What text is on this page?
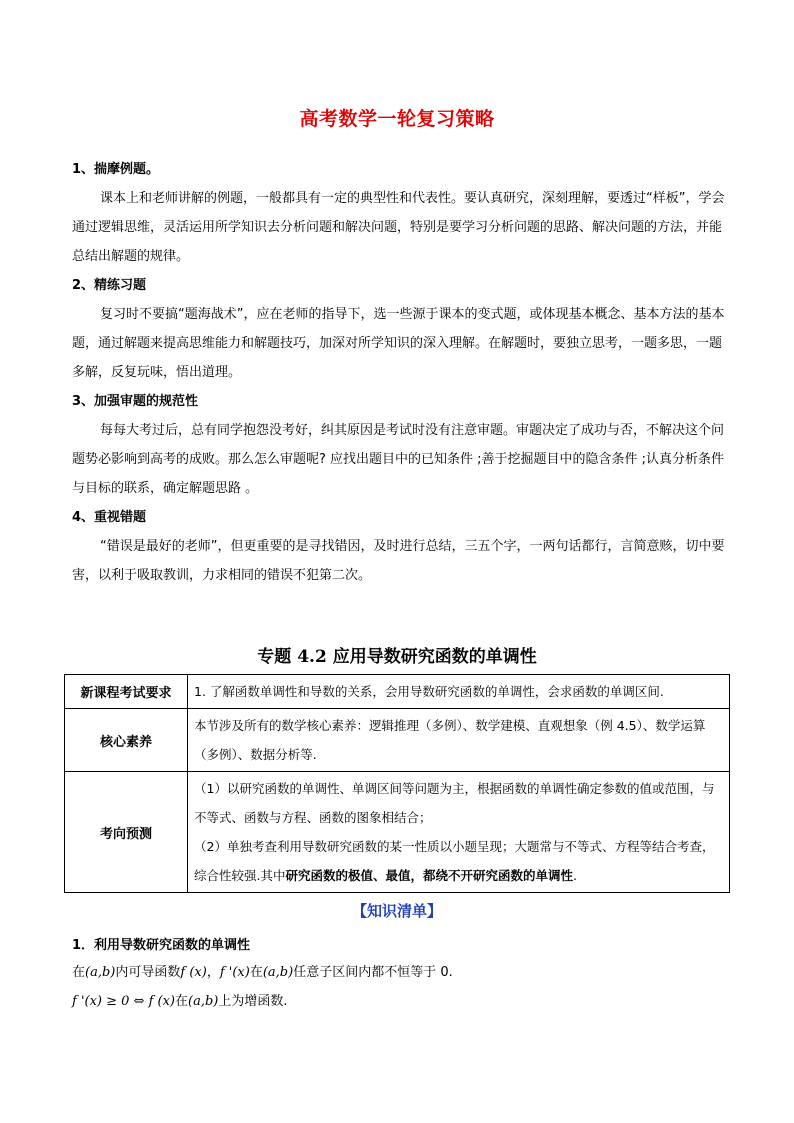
高考数学一轮复习策略
1、揣摩例题。

课本上和老师讲解的例题，一般都具有一定的典型性和代表性。要认真研究，深刻理解，要透过“样板”，学会通过逻辑思维，灵活运用所学知识去分析问题和解决问题，特别是要学习分析问题的思路、解决问题的方法，并能总结出解题的规律。

2、精练习题

复习时不要搞“题海战术”，应在老师的指导下，选一些源于课本的变式题，或体现基本概念、基本方法的基本题，通过解题来提高思维能力和解题技巧，加深对所学知识的深入理解。在解题时，要独立思考，一题多思，一题多解，反复玩味，悟出道理。

3、加强审题的规范性

每每大考过后，总有同学抱怨没考好，纠其原因是考试时没有注意审题。审题决定了成功与否，不解决这个问题势必影响到高考的成败。那么怎么审题呢? 应找出题目中的已知条件 ;善于挖掘题目中的隐含条件 ;认真分析条件与目标的联系，确定解题思路 。

4、重视错题

“错误是最好的老师”，但更重要的是寻找错因，及时进行总结，三五个字，一两句话都行，言简意赅，切中要害，以利于吸取教训，力求相同的错误不犯第二次。

专题 4.2 应用导数研究函数的单调性
新课程考试要求	1. 了解函数单调性和导数的关系，会用导数研究函数的单调性，会求函数的单调区间.
核心素养	本节涉及所有的数学核心素养：逻辑推理（多例）、数学建模、直观想象（例 4.5）、数学运算（多例）、数据分析等.
考向预测	（1）以研究函数的单调性、单调区间等问题为主，根据函数的单调性确定参数的值或范围，与不等式、函数与方程、函数的图象相结合；

（2）单独考查利用导数研究函数的某一性质以小题呈现；大题常与不等式、方程等结合考查，综合性较强.其中研究函数的极值、最值，都绕不开研究函数的单调性.

【知识清单】
1．利用导数研究函数的单调性
在(a,b)内可导函数f (x)，f '(x)在(a,b)任意子区间内都不恒等于 0.
f '(x) ≥ 0 ⇔ f (x)在(a,b)上为增函数.
